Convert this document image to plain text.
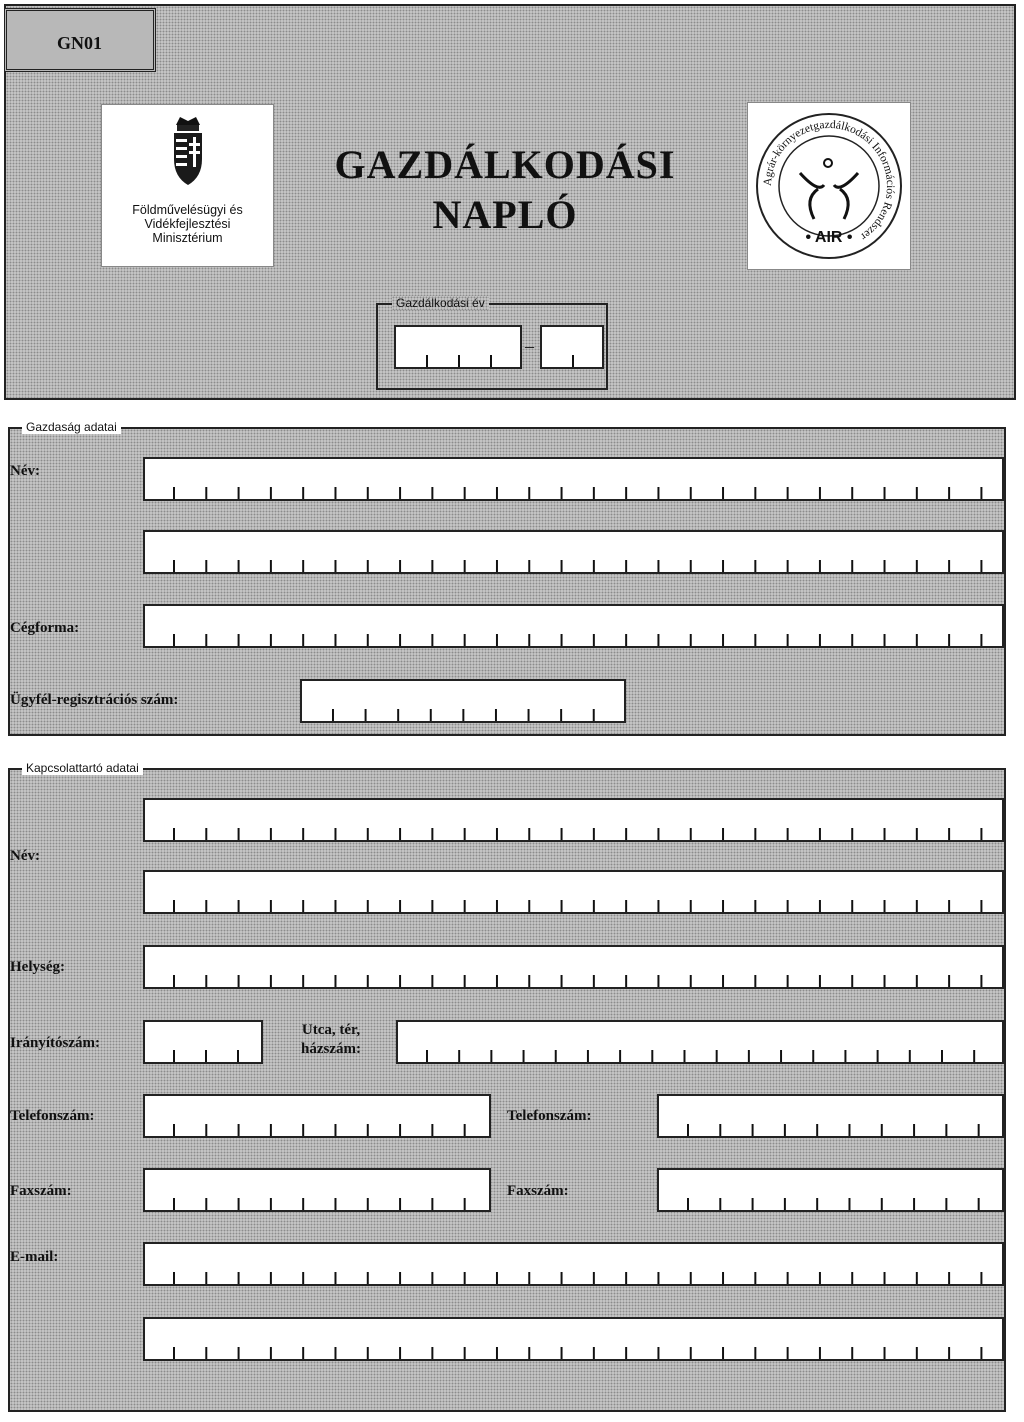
GN01
Földművelésügyi és
Vidékfejlesztési
Minisztérium
GAZDÁLKODÁSI
NAPLÓ
Agrár-környezetgazdálkodási Információs Rendszer
• AIR •
Gazdálkodási év
–
Gazdaság adatai
Név:
Cégforma:
Ügyfél-regisztrációs szám:
Kapcsolattartó adatai
Név:
Helység:
Irányítószám:
Utca, tér,
házszám:
Telefonszám:	Telefonszám:
Faxszám:	Faxszám:
E-mail:
